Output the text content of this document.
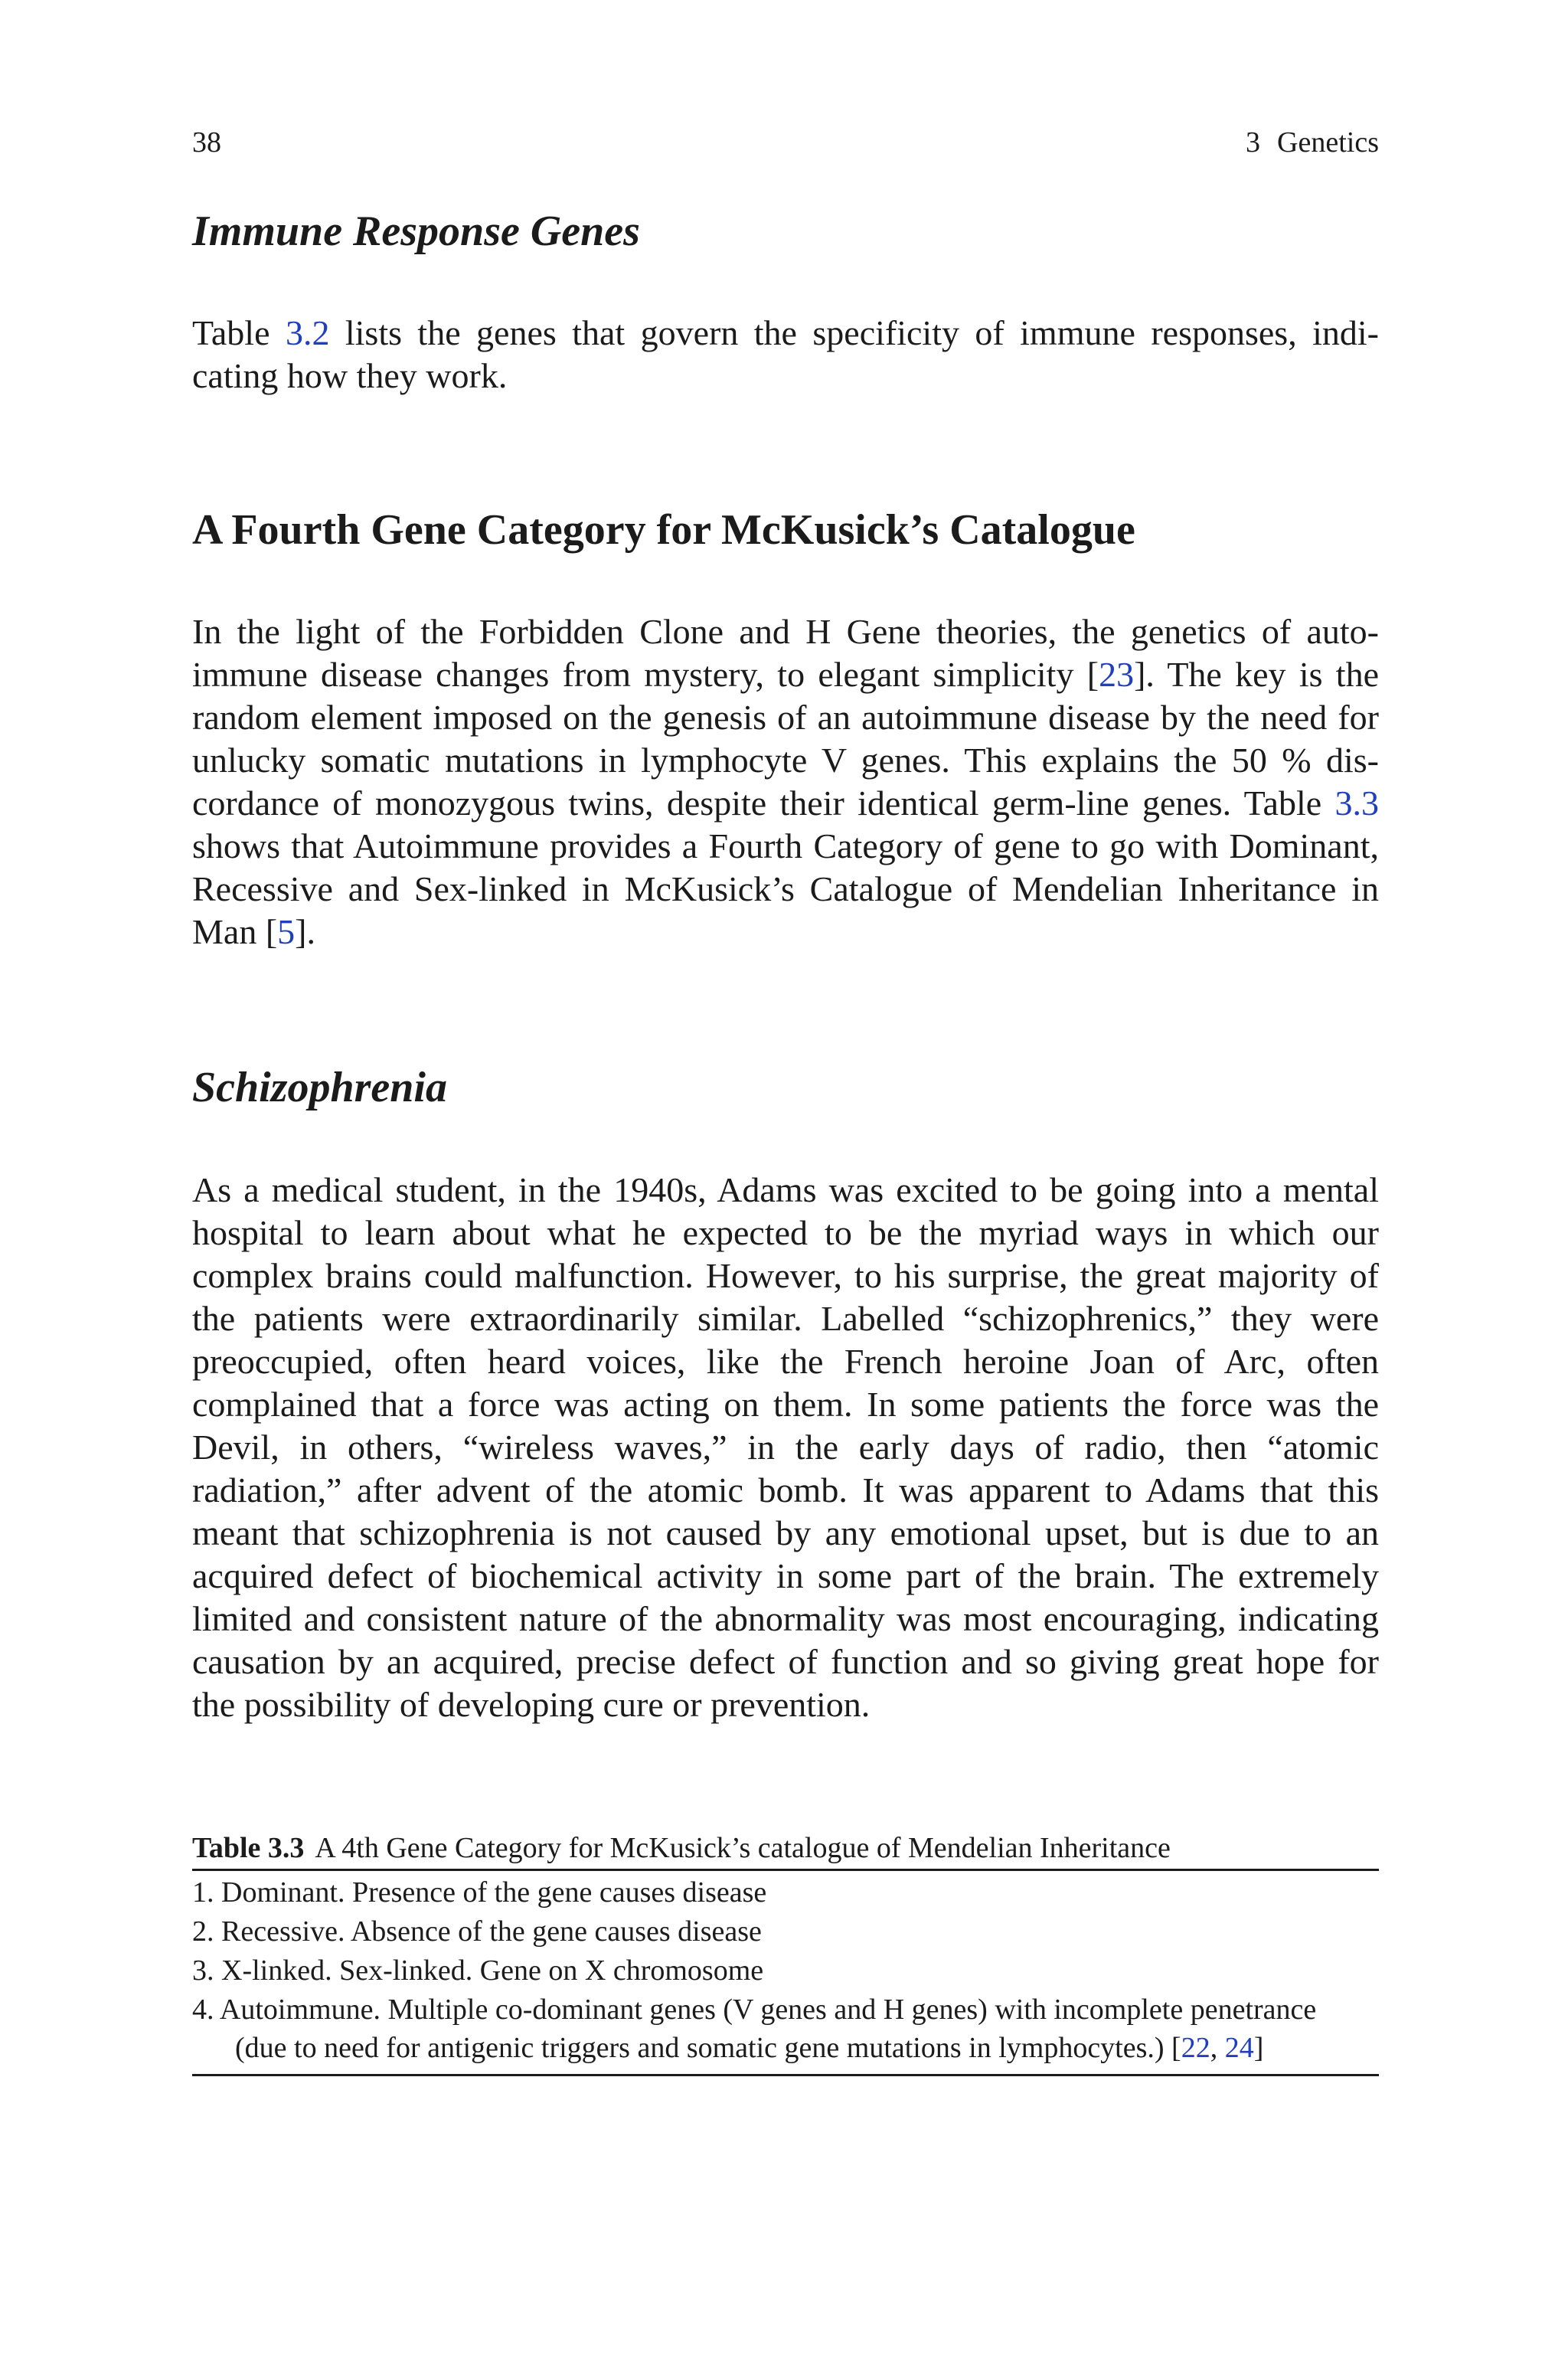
38	3 Genetics
Immune Response Genes

Table 3.2 lists the genes that govern the specificity of immune responses, indi-
cating how they work.

A Fourth Gene Category for McKusick’s Catalogue

In the light of the Forbidden Clone and H Gene theories, the genetics of auto-
immune disease changes from mystery, to elegant simplicity [23]. The key is the
random element imposed on the genesis of an autoimmune disease by the need for
unlucky somatic mutations in lymphocyte V genes. This explains the 50 % dis-
cordance of monozygous twins, despite their identical germ-line genes. Table 3.3
shows that Autoimmune provides a Fourth Category of gene to go with Dominant,
Recessive and Sex-linked in McKusick’s Catalogue of Mendelian Inheritance in
Man [5].

Schizophrenia

As a medical student, in the 1940s, Adams was excited to be going into a mental
hospital to learn about what he expected to be the myriad ways in which our
complex brains could malfunction. However, to his surprise, the great majority of
the patients were extraordinarily similar. Labelled “schizophrenics,” they were
preoccupied, often heard voices, like the French heroine Joan of Arc, often
complained that a force was acting on them. In some patients the force was the
Devil, in others, “wireless waves,” in the early days of radio, then “atomic
radiation,” after advent of the atomic bomb. It was apparent to Adams that this
meant that schizophrenia is not caused by any emotional upset, but is due to an
acquired defect of biochemical activity in some part of the brain. The extremely
limited and consistent nature of the abnormality was most encouraging, indicating
causation by an acquired, precise defect of function and so giving great hope for
the possibility of developing cure or prevention.

Table 3.3 A 4th Gene Category for McKusick’s catalogue of Mendelian Inheritance
1. Dominant. Presence of the gene causes disease
2. Recessive. Absence of the gene causes disease
3. X-linked. Sex-linked. Gene on X chromosome
4. Autoimmune. Multiple co-dominant genes (V genes and H genes) with incomplete penetrance
(due to need for antigenic triggers and somatic gene mutations in lymphocytes.) [22, 24]
